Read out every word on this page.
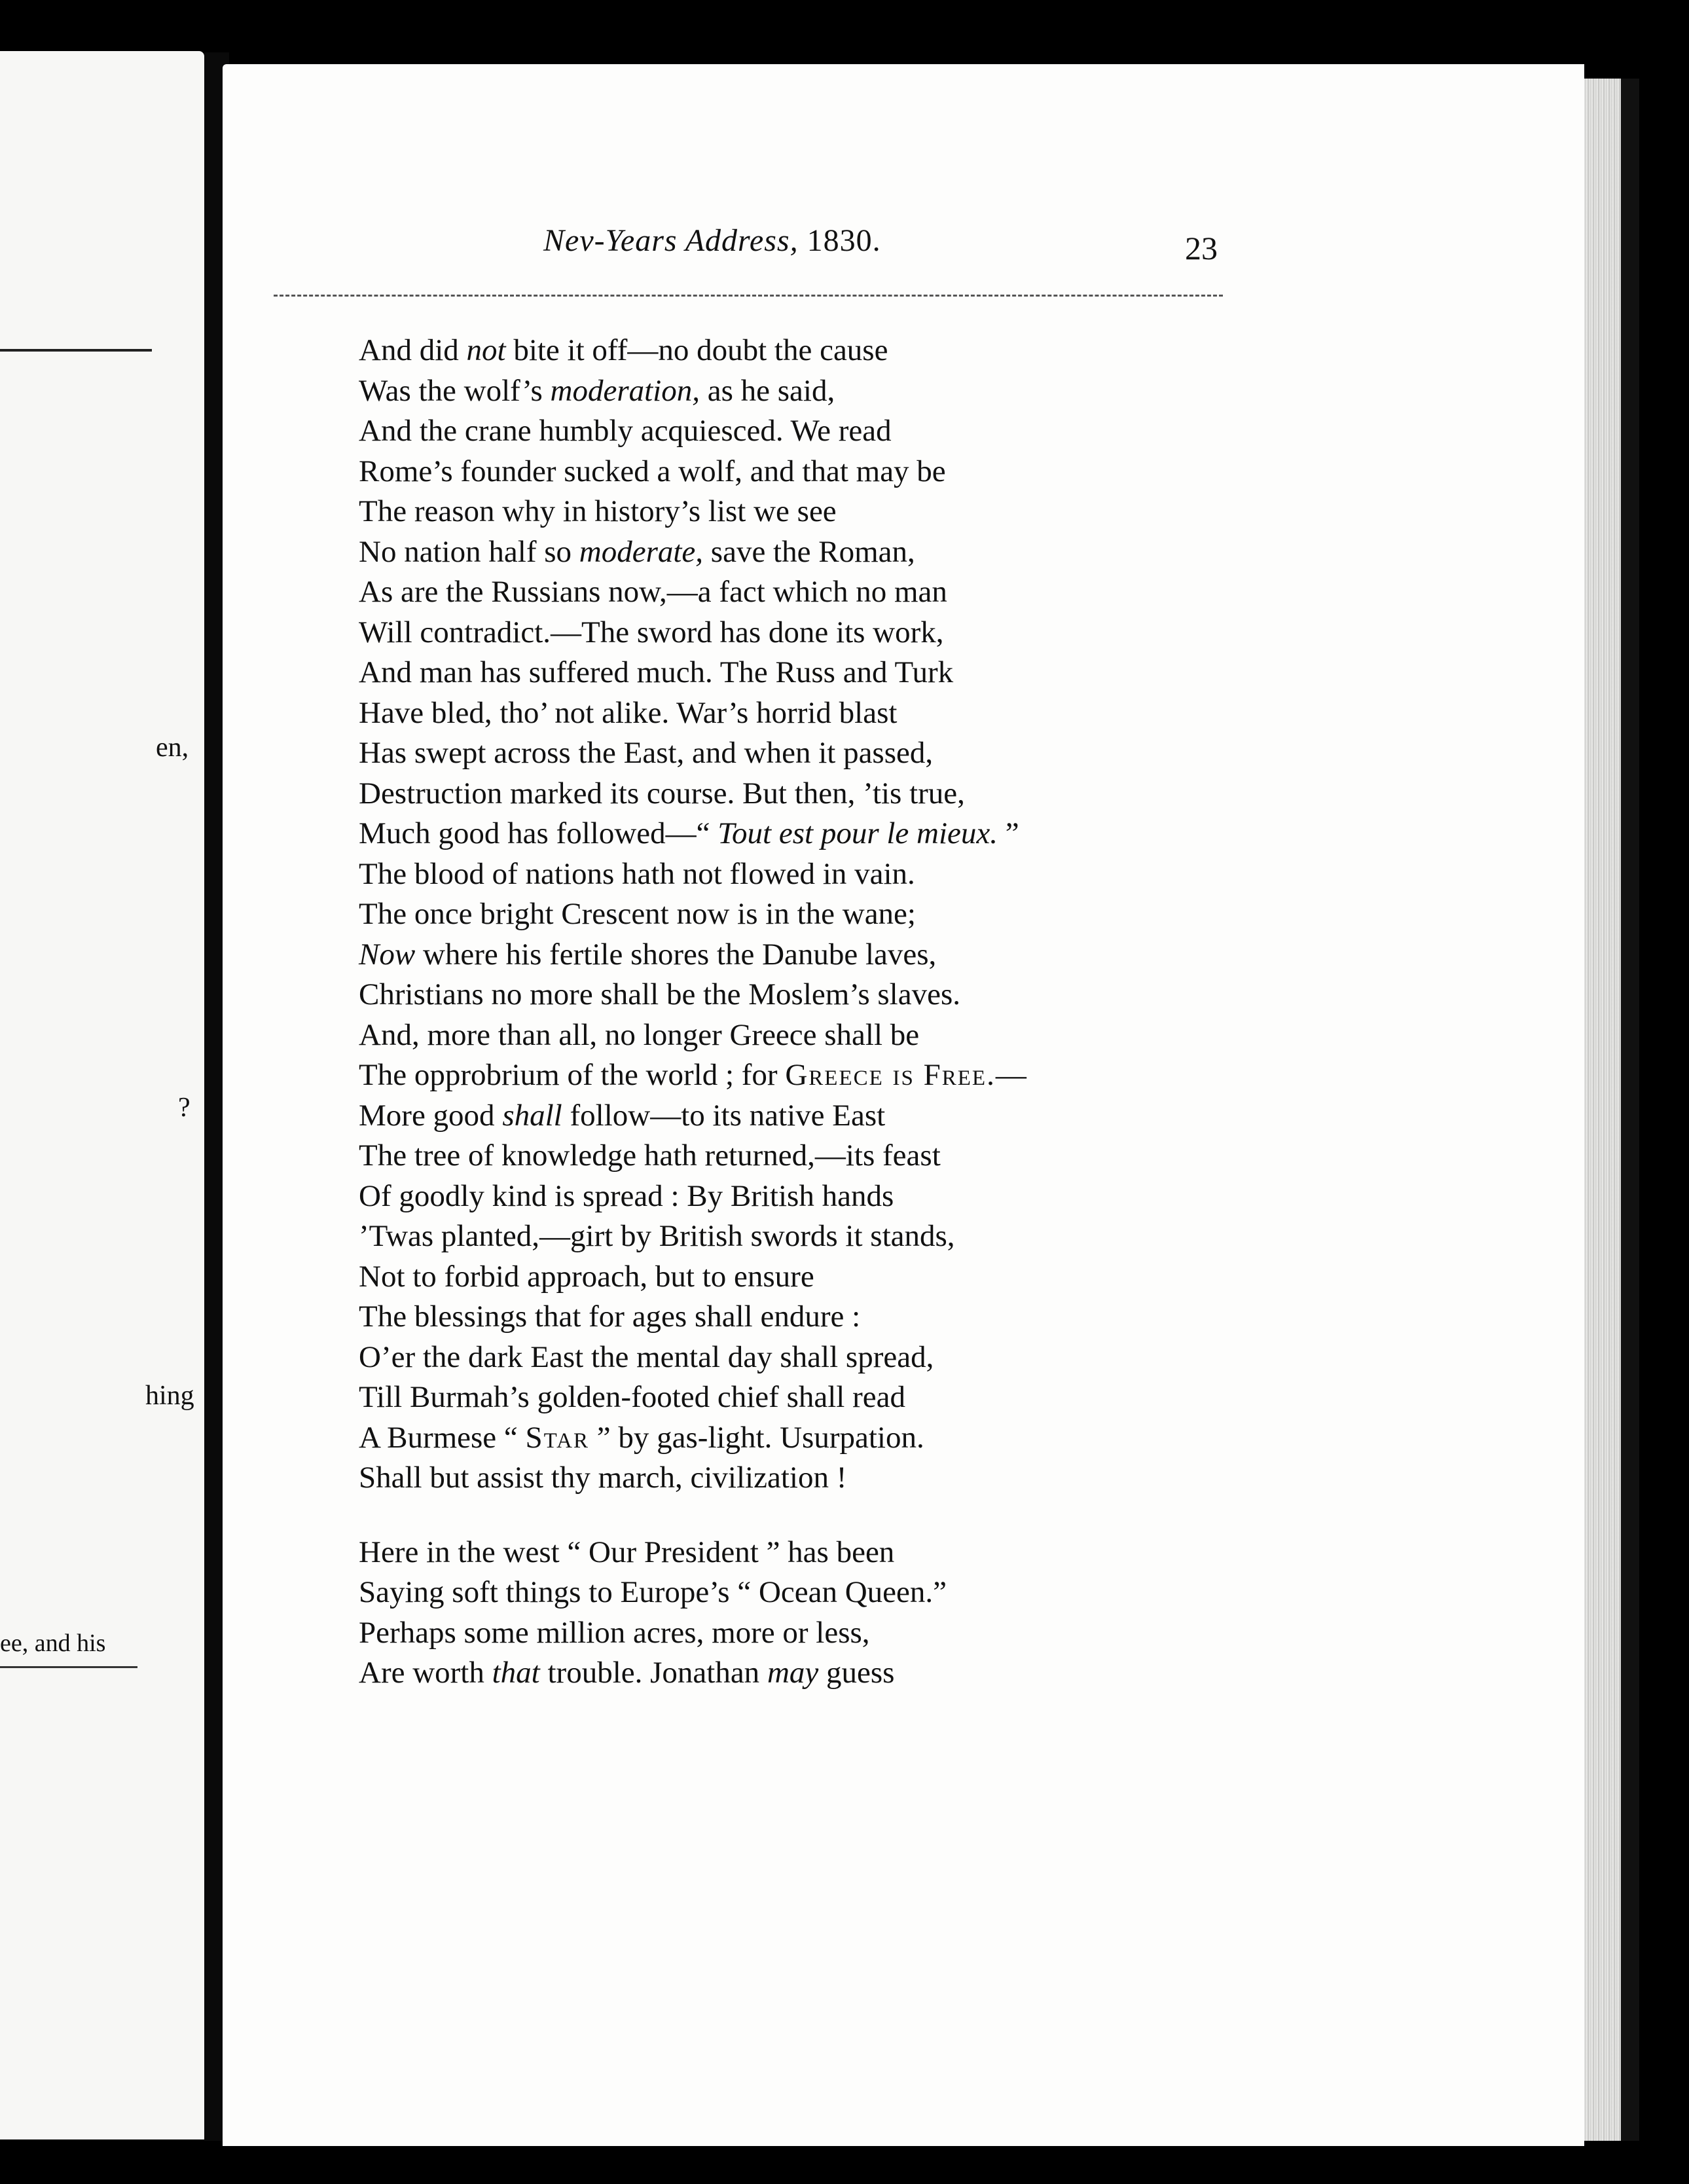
en,
?
hing
ee, and his
Nev-Years Address, 1830.	23
And did not bite it off—no doubt the cause
Was the wolf’s moderation, as he said,
And the crane humbly acquiesced. We read
Rome’s founder sucked a wolf, and that may be
The reason why in history’s list we see
No nation half so moderate, save the Roman,
As are the Russians now,—a fact which no man
Will contradict.—The sword has done its work,
And man has suffered much. The Russ and Turk
Have bled, tho’ not alike. War’s horrid blast
Has swept across the East, and when it passed,
Destruction marked its course. But then, ’tis true,
Much good has followed—“ Tout est pour le mieux. ”
The blood of nations hath not flowed in vain.
The once bright Crescent now is in the wane;
Now where his fertile shores the Danube laves,
Christians no more shall be the Moslem’s slaves.
And, more than all, no longer Greece shall be
The opprobrium of the world ; for Greece is Free.—
More good shall follow—to its native East
The tree of knowledge hath returned,—its feast
Of goodly kind is spread : By British hands
’Twas planted,—girt by British swords it stands,
Not to forbid approach, but to ensure
The blessings that for ages shall endure :
O’er the dark East the mental day shall spread,
Till Burmah’s golden-footed chief shall read
A Burmese “ Star ” by gas-light. Usurpation.
Shall but assist thy march, civilization !
Here in the west “ Our President ” has been
Saying soft things to Europe’s “ Ocean Queen.”
Perhaps some million acres, more or less,
Are worth that trouble. Jonathan may guess
